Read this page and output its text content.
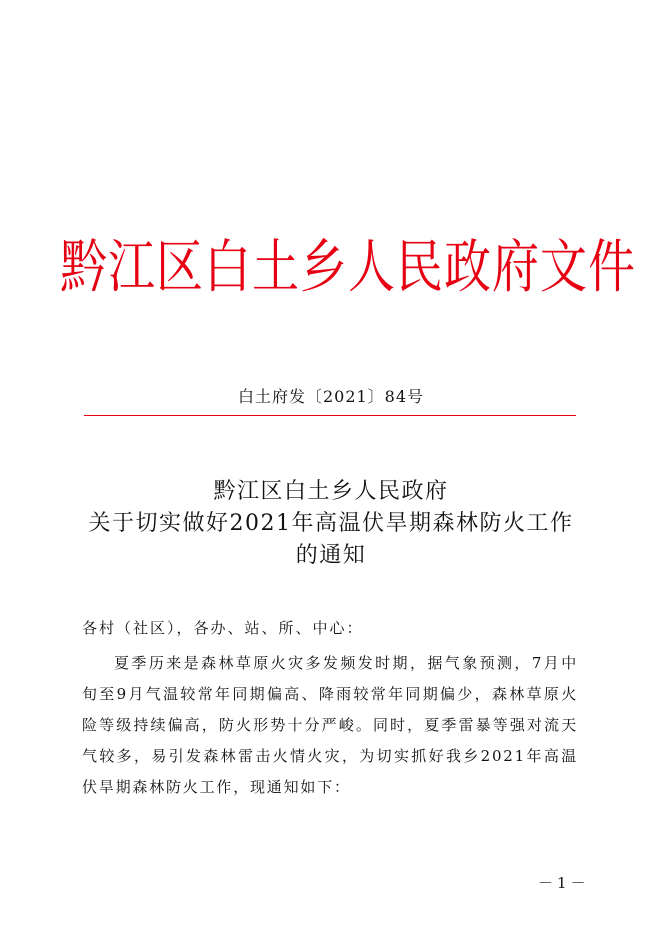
黔江区白土乡人民政府文件
白土府发〔2021〕84号
黔江区白土乡人民政府
关于切实做好2021年高温伏旱期森林防火工作
的通知
各村（社区），各办、站、所、中心：

夏季历来是森林草原火灾多发频发时期，据气象预测，7月中旬至9月气温较常年同期偏高、降雨较常年同期偏少，森林草原火险等级持续偏高，防火形势十分严峻。同时，夏季雷暴等强对流天气较多，易引发森林雷击火情火灾，为切实抓好我乡2021年高温伏旱期森林防火工作，现通知如下：

－1－
